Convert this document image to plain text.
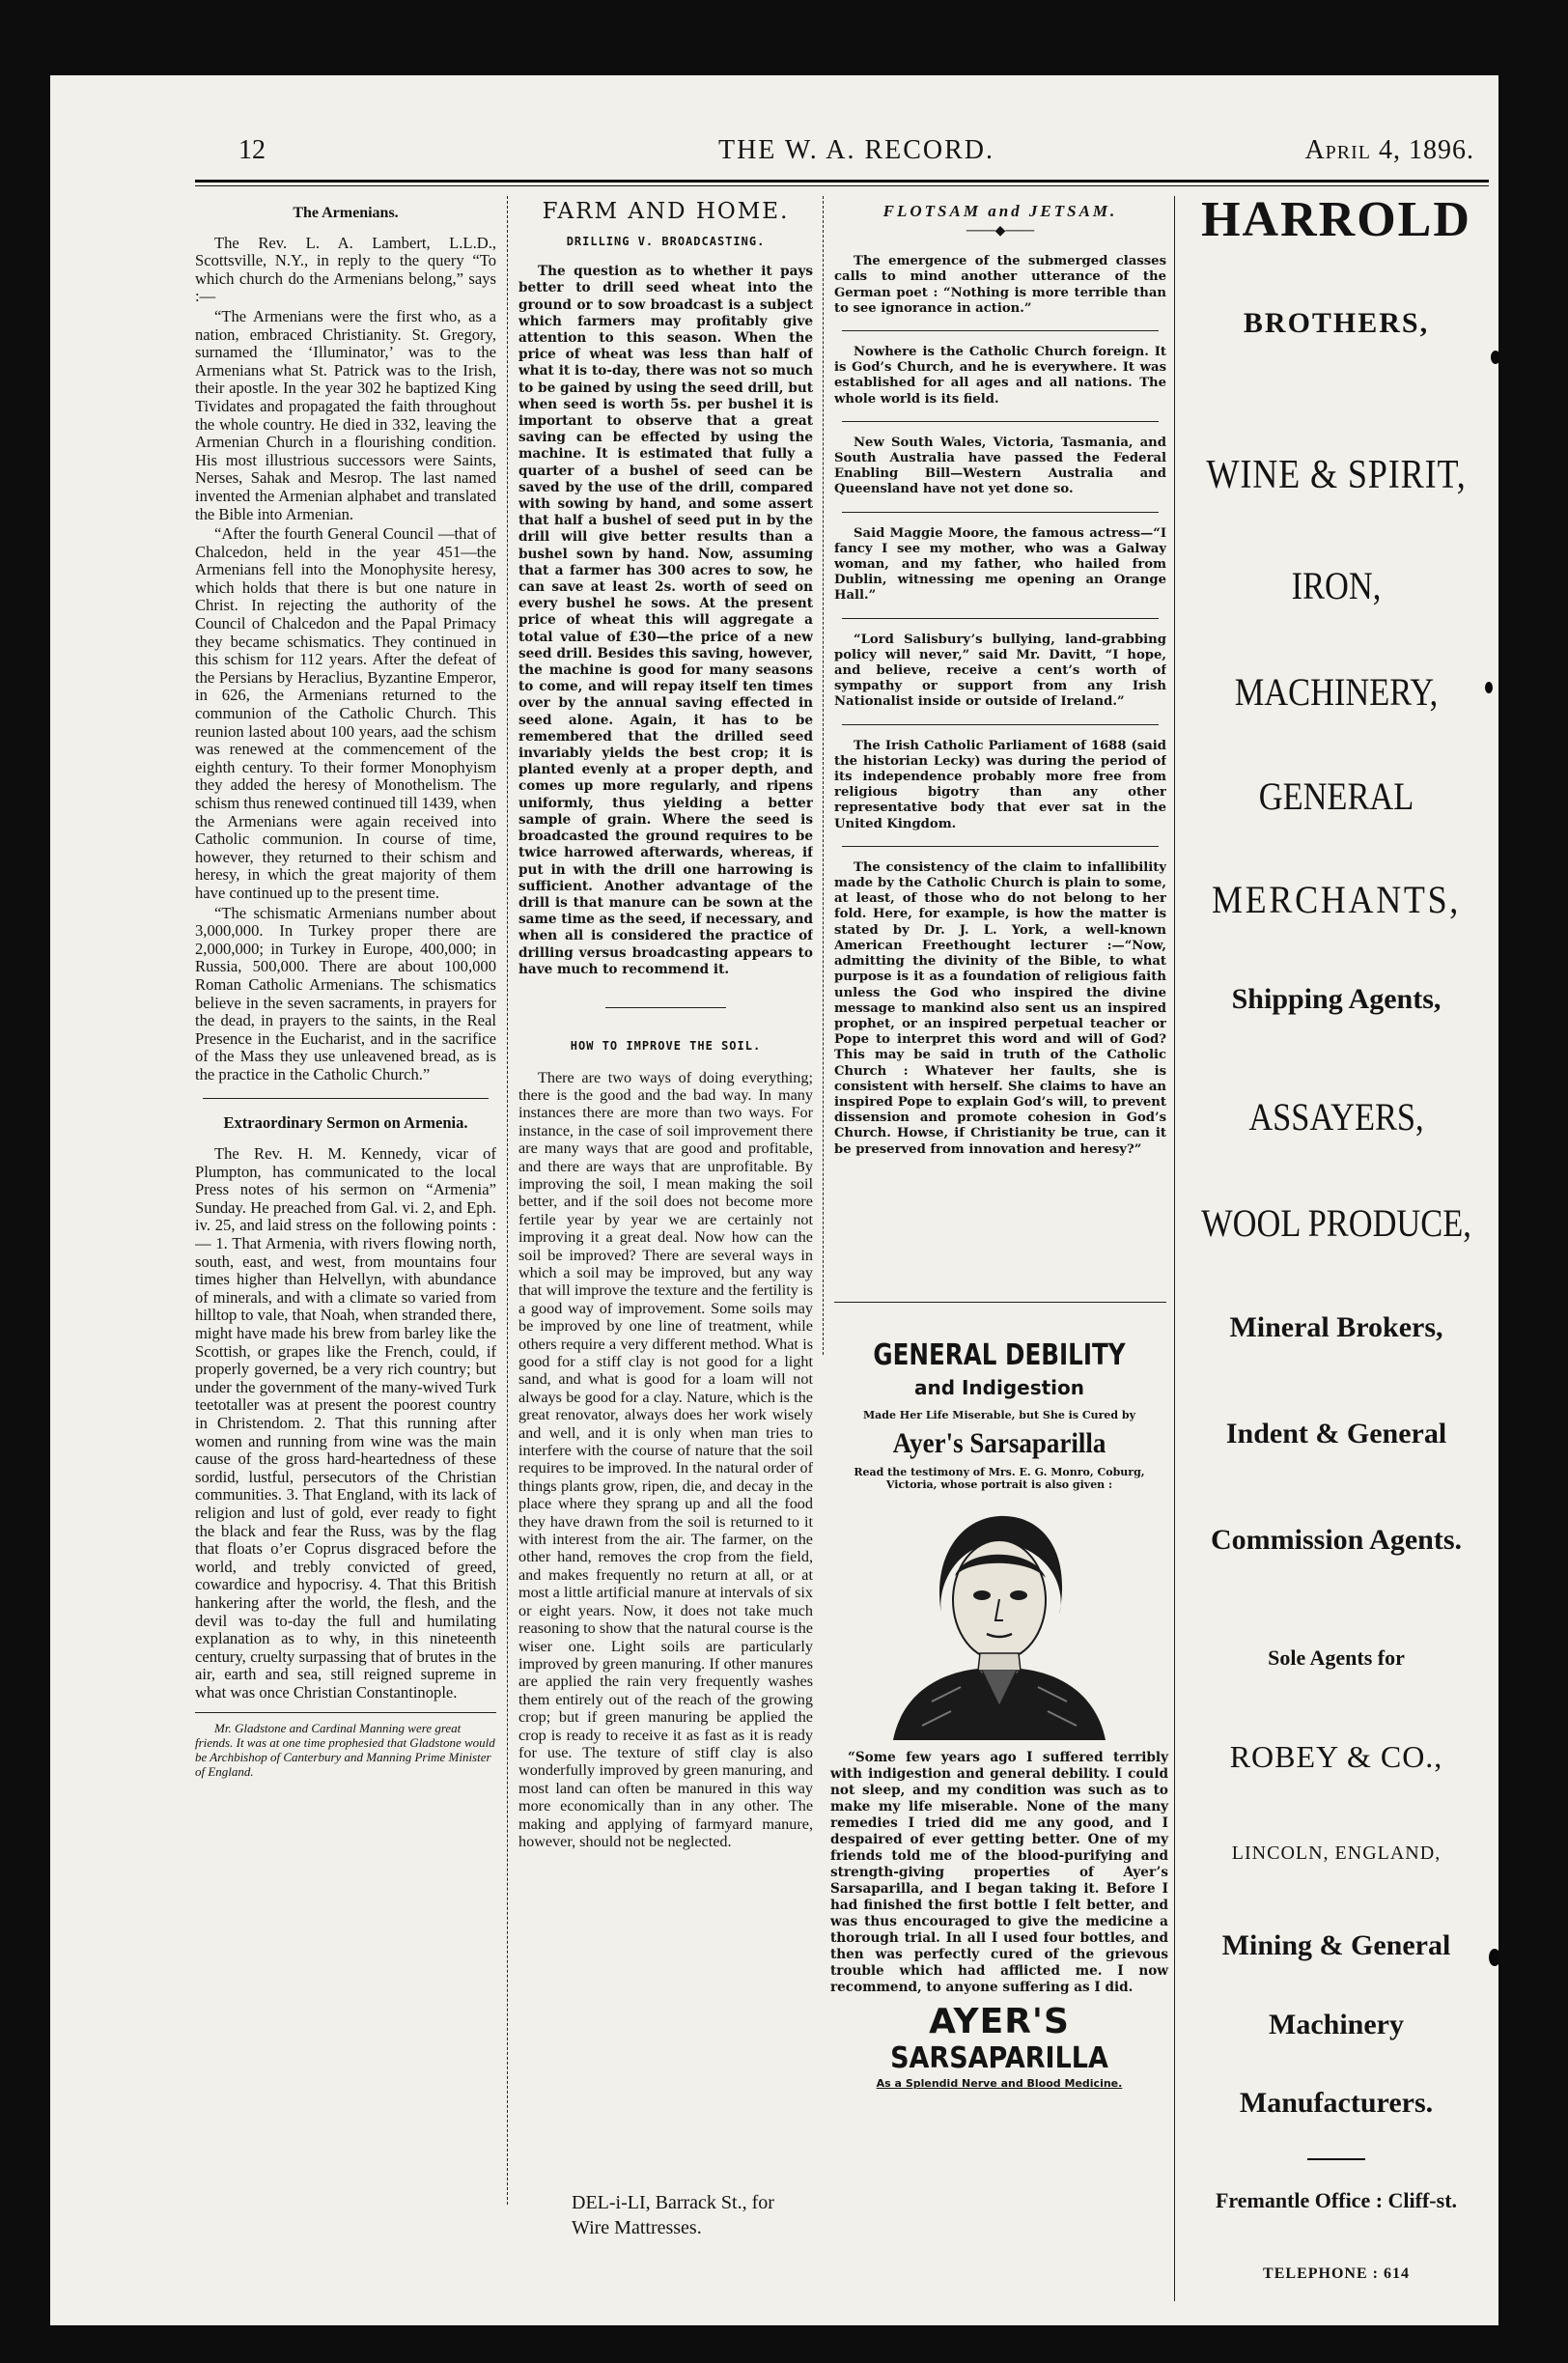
12	THE W. A. RECORD.	April 4, 1896.
The Armenians.

The Rev. L. A. Lambert, L.L.D., Scottsville, N.Y., in reply to the query “To which church do the Armenians belong,” says :—

“The Armenians were the first who, as a nation, embraced Christianity. St. Gregory, surnamed the ‘Illuminator,’ was to the Armenians what St. Patrick was to the Irish, their apostle. In the year 302 he baptized King Tividates and propagated the faith throughout the whole country. He died in 332, leaving the Armenian Church in a flourishing condition. His most illustrious successors were Saints, Nerses, Sahak and Mesrop. The last named invented the Armenian alphabet and translated the Bible into Armenian.

“After the fourth General Council —that of Chalcedon, held in the year 451—the Armenians fell into the Monophysite heresy, which holds that there is but one nature in Christ. In rejecting the authority of the Council of Chalcedon and the Papal Primacy they became schismatics. They continued in this schism for 112 years. After the defeat of the Persians by Heraclius, Byzantine Emperor, in 626, the Armenians returned to the communion of the Catholic Church. This reunion lasted about 100 years, aad the schism was renewed at the commencement of the eighth century. To their former Monophyism they added the heresy of Monothelism. The schism thus renewed continued till 1439, when the Armenians were again received into Catholic communion. In course of time, however, they returned to their schism and heresy, in which the great majority of them have continued up to the present time.

“The schismatic Armenians number about 3,000,000. In Turkey proper there are 2,000,000; in Turkey in Europe, 400,000; in Russia, 500,000. There are about 100,000 Roman Catholic Armenians. The schismatics believe in the seven sacraments, in prayers for the dead, in prayers to the saints, in the Real Presence in the Eucharist, and in the sacrifice of the Mass they use unleavened bread, as is the practice in the Catholic Church.”

Extraordinary Sermon on Armenia.

The Rev. H. M. Kennedy, vicar of Plumpton, has communicated to the local Press notes of his sermon on “Armenia” Sunday. He preached from Gal. vi. 2, and Eph. iv. 25, and laid stress on the following points :— 1. That Armenia, with rivers flowing north, south, east, and west, from mountains four times higher than Helvellyn, with abundance of minerals, and with a climate so varied from hilltop to vale, that Noah, when stranded there, might have made his brew from barley like the Scottish, or grapes like the French, could, if properly governed, be a very rich country; but under the government of the many-wived Turk teetotaller was at present the poorest country in Christendom. 2. That this running after women and running from wine was the main cause of the gross hard-heartedness of these sordid, lustful, persecutors of the Christian communities. 3. That England, with its lack of religion and lust of gold, ever ready to fight the black and fear the Russ, was by the flag that floats o’er Coprus disgraced before the world, and trebly convicted of greed, cowardice and hypocrisy. 4. That this British hankering after the world, the flesh, and the devil was to-day the full and humilating explanation as to why, in this nineteenth century, cruelty surpassing that of brutes in the air, earth and sea, still reigned supreme in what was once Christian Constantinople.

Mr. Gladstone and Cardinal Manning were great friends. It was at one time prophesied that Gladstone would be Archbishop of Canterbury and Manning Prime Minister of England.

FARM AND HOME.
DRILLING V. BROADCASTING.

The question as to whether it pays better to drill seed wheat into the ground or to sow broadcast is a subject which farmers may profitably give attention to this season. When the price of wheat was less than half of what it is to-day, there was not so much to be gained by using the seed drill, but when seed is worth 5s. per bushel it is important to observe that a great saving can be effected by using the machine. It is estimated that fully a quarter of a bushel of seed can be saved by the use of the drill, compared with sowing by hand, and some assert that half a bushel of seed put in by the drill will give better results than a bushel sown by hand. Now, assuming that a farmer has 300 acres to sow, he can save at least 2s. worth of seed on every bushel he sows. At the present price of wheat this will aggregate a total value of £30—the price of a new seed drill. Besides this saving, however, the machine is good for many seasons to come, and will repay itself ten times over by the annual saving effected in seed alone. Again, it has to be remembered that the drilled seed invariably yields the best crop; it is planted evenly at a proper depth, and comes up more regularly, and ripens uniformly, thus yielding a better sample of grain. Where the seed is broadcasted the ground requires to be twice harrowed afterwards, whereas, if put in with the drill one harrowing is sufficient. Another advantage of the drill is that manure can be sown at the same time as the seed, if necessary, and when all is considered the practice of drilling versus broadcasting appears to have much to recommend it.

HOW TO IMPROVE THE SOIL.

There are two ways of doing everything; there is the good and the bad way. In many instances there are more than two ways. For instance, in the case of soil improvement there are many ways that are good and profitable, and there are ways that are unprofitable. By improving the soil, I mean making the soil better, and if the soil does not become more fertile year by year we are certainly not improving it a great deal. Now how can the soil be improved? There are several ways in which a soil may be improved, but any way that will improve the texture and the fertility is a good way of improvement. Some soils may be improved by one line of treatment, while others require a very different method. What is good for a stiff clay is not good for a light sand, and what is good for a loam will not always be good for a clay. Nature, which is the great renovator, always does her work wisely and well, and it is only when man tries to interfere with the course of nature that the soil requires to be improved. In the natural order of things plants grow, ripen, die, and decay in the place where they sprang up and all the food they have drawn from the soil is returned to it with interest from the air. The farmer, on the other hand, removes the crop from the field, and makes frequently no return at all, or at most a little artificial manure at intervals of six or eight years. Now, it does not take much reasoning to show that the natural course is the wiser one. Light soils are particularly improved by green manuring. If other manures are applied the rain very frequently washes them entirely out of the reach of the growing crop; but if green manuring be applied the crop is ready to receive it as fast as it is ready for use. The texture of stiff clay is also wonderfully improved by green manuring, and most land can often be manured in this way more economically than in any other. The making and applying of farmyard manure, however, should not be neglected.

FLOTSAM and JETSAM.
───◆───

The emergence of the submerged classes calls to mind another utterance of the German poet : “Nothing is more terrible than to see ignorance in action.”

Nowhere is the Catholic Church foreign. It is God’s Church, and he is everywhere. It was established for all ages and all nations. The whole world is its field.

New South Wales, Victoria, Tasmania, and South Australia have passed the Federal Enabling Bill—Western Australia and Queensland have not yet done so.

Said Maggie Moore, the famous actress—“I fancy I see my mother, who was a Galway woman, and my father, who hailed from Dublin, witnessing me opening an Orange Hall.”

“Lord Salisbury’s bullying, land-grabbing policy will never,” said Mr. Davitt, “I hope, and believe, receive a cent’s worth of sympathy or support from any Irish Nationalist inside or outside of Ireland.”

The Irish Catholic Parliament of 1688 (said the historian Lecky) was during the period of its independence probably more free from religious bigotry than any other representative body that ever sat in the United Kingdom.

The consistency of the claim to infallibility made by the Catholic Church is plain to some, at least, of those who do not belong to her fold. Here, for example, is how the matter is stated by Dr. J. L. York, a well-known American Freethought lecturer :—“Now, admitting the divinity of the Bible, to what purpose is it as a foundation of religious faith unless the God who inspired the divine message to mankind also sent us an inspired prophet, or an inspired perpetual teacher or Pope to interpret this word and will of God? This may be said in truth of the Catholic Church : Whatever her faults, she is consistent with herself. She claims to have an inspired Pope to explain God’s will, to prevent dissension and promote cohesion in God’s Church. Howse, if Christianity be true, can it be preserved from innovation and heresy?”

GENERAL DEBILITY
and Indigestion
Made Her Life Miserable, but She is Cured by
Ayer's Sarsaparilla
Read the testimony of Mrs. E. G. Monro, Coburg, Victoria, whose portrait is also given :

“Some few years ago I suffered terribly with indigestion and general debility. I could not sleep, and my condition was such as to make my life miserable. None of the many remedies I tried did me any good, and I despaired of ever getting better. One of my friends told me of the blood-purifying and strength-giving properties of Ayer’s Sarsaparilla, and I began taking it. Before I had finished the first bottle I felt better, and was thus encouraged to give the medicine a thorough trial. In all I used four bottles, and then was perfectly cured of the grievous trouble which had afflicted me. I now recommend, to anyone suffering as I did.

AYER'S
SARSAPARILLA
As a Splendid Nerve and Blood Medicine.
DEL-i-LI, Barrack St., for
Wire Mattresses.
HARROLD
BROTHERS,
WINE & SPIRIT,
IRON,
MACHINERY,
GENERAL
MERCHANTS,
Shipping Agents,
ASSAYERS,
WOOL PRODUCE,
Mineral Brokers,
Indent & General
Commission Agents.
Sole Agents for
ROBEY & CO.,
LINCOLN, ENGLAND,
Mining & General
Machinery
Manufacturers.
Fremantle Office : Cliff-st.
TELEPHONE : 614
